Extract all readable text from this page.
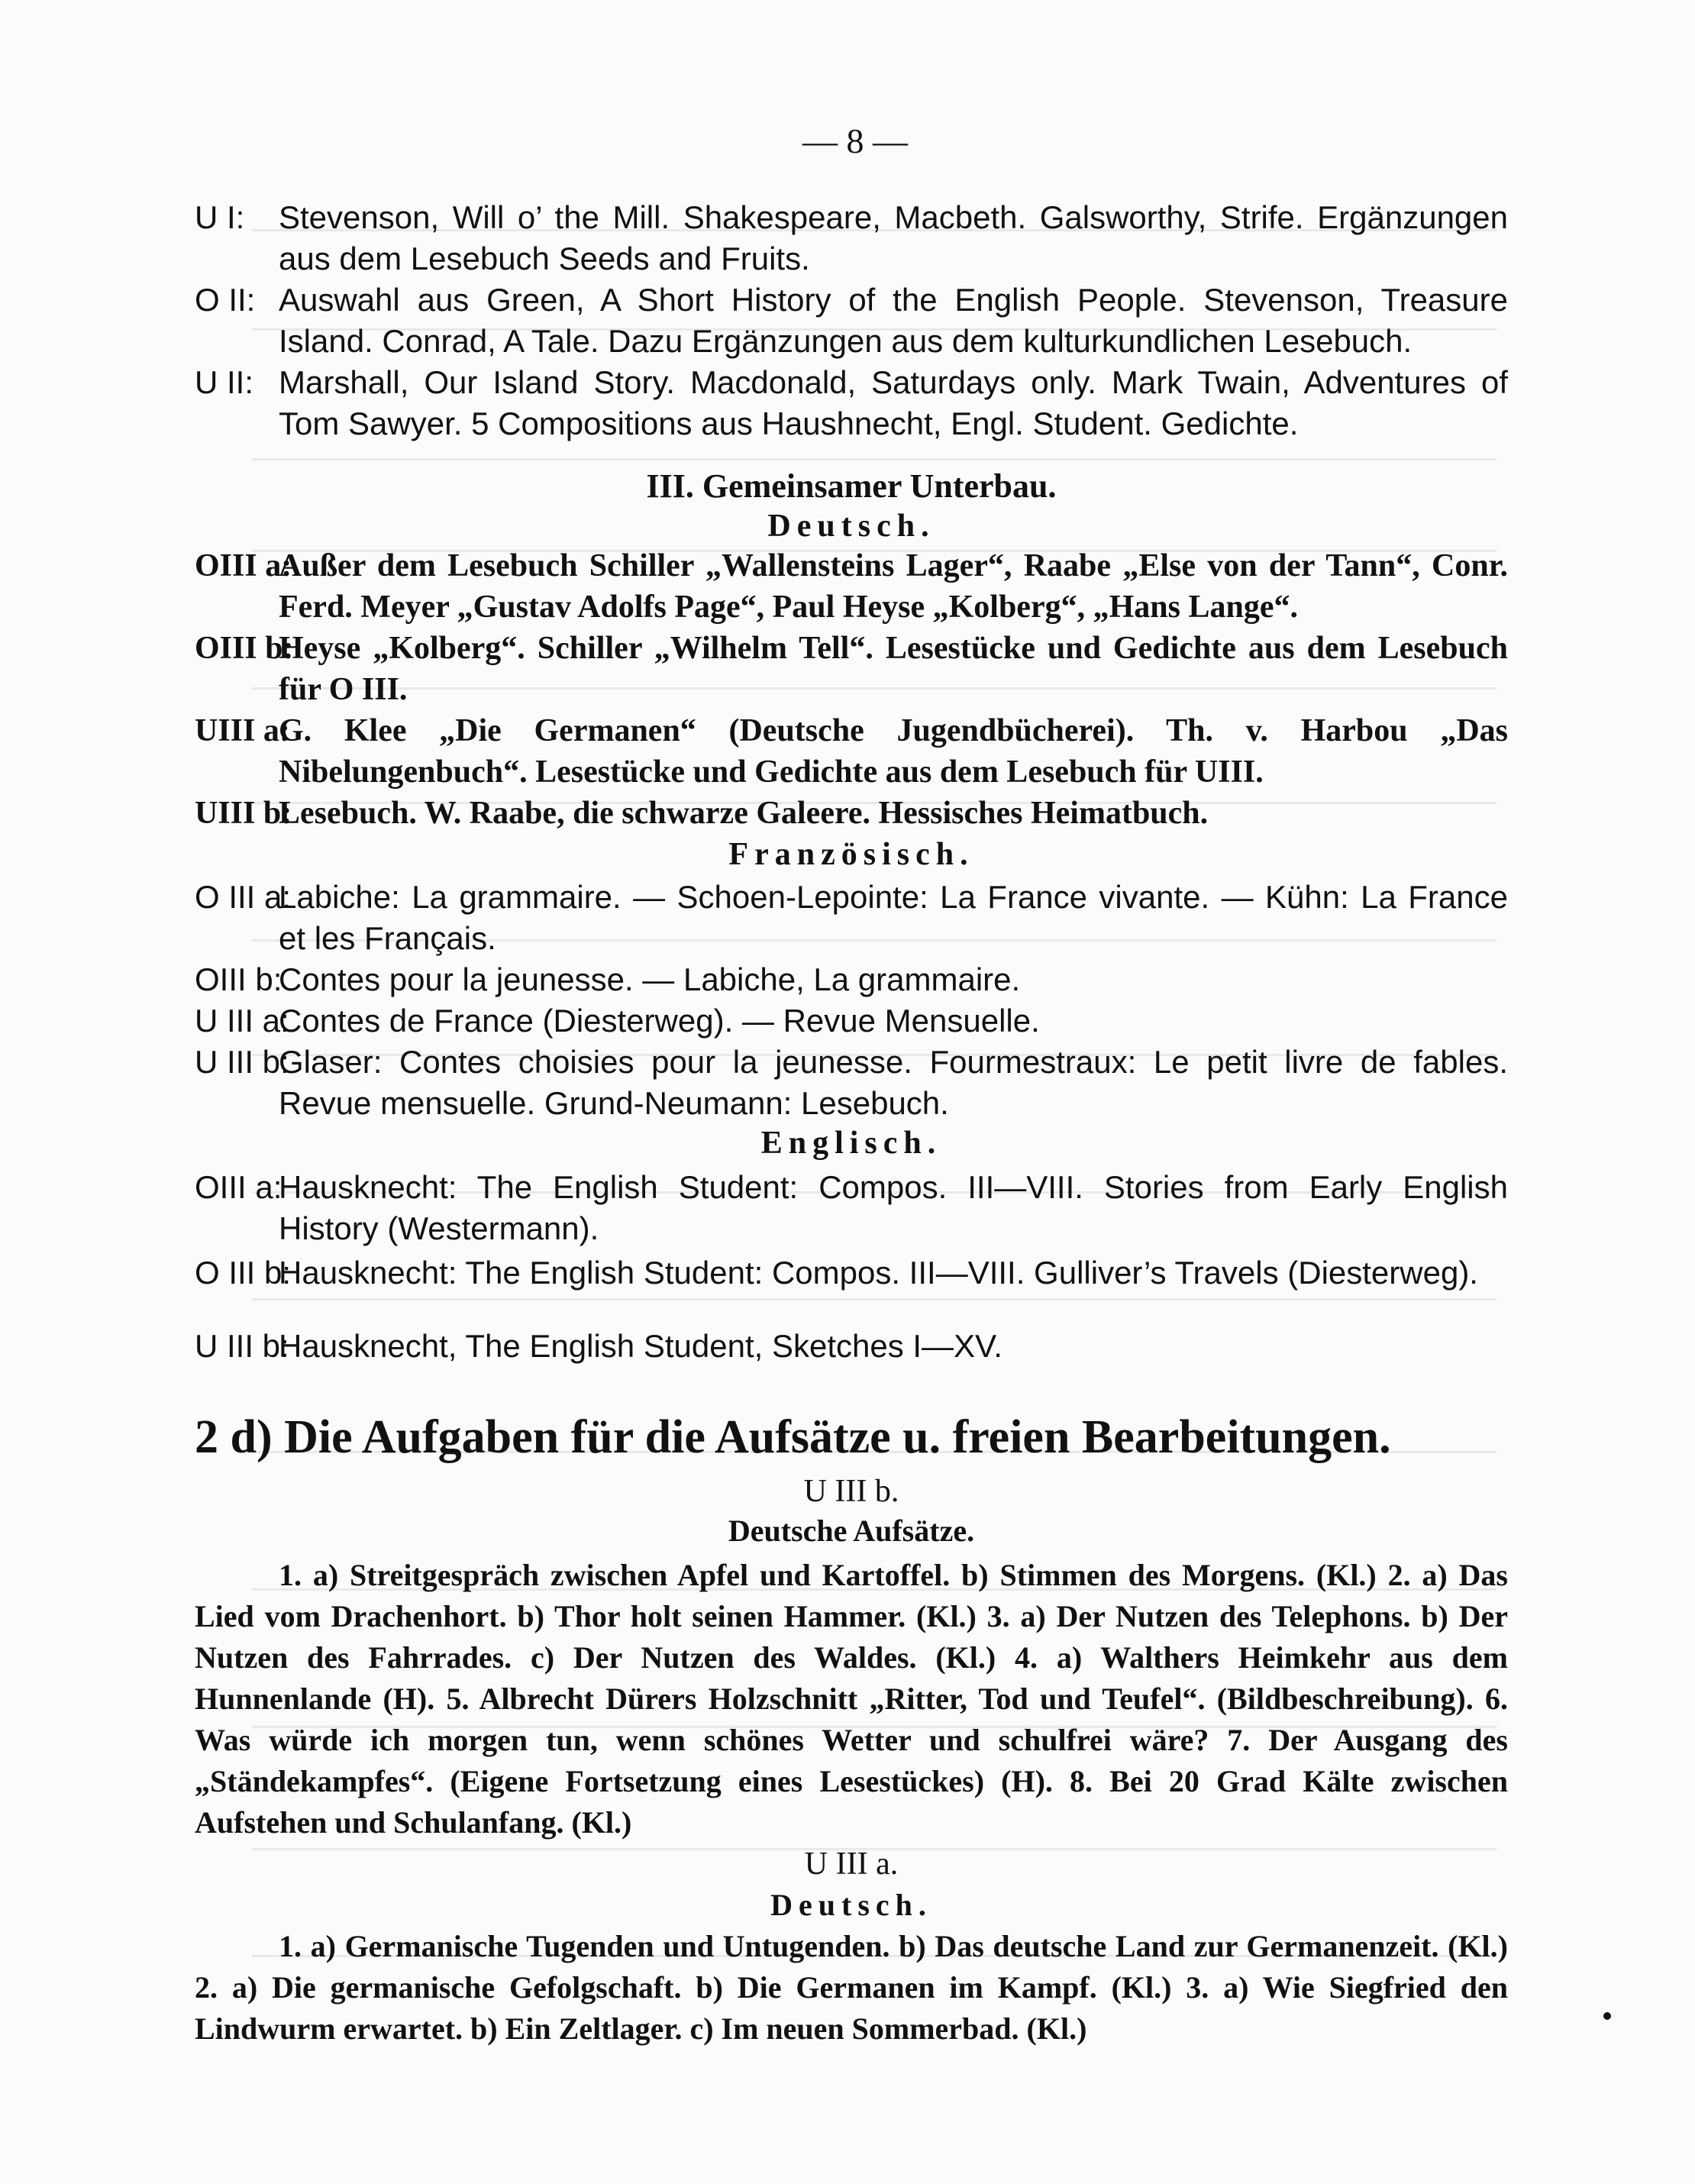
— 8 —
U I:	Stevenson, Will o’ the Mill. Shakespeare, Macbeth. Galsworthy, Strife. Ergänzungen aus dem Lesebuch Seeds and Fruits.
O II: Auswahl aus Green, A Short History of the English People. Stevenson, Treasure Island. Conrad, A Tale. Dazu Ergänzungen aus dem kulturkundlichen Lesebuch.
U II: Marshall, Our Island Story. Macdonald, Saturdays only. Mark Twain, Adventures of Tom Sawyer. 5 Compositions aus Haushnecht, Engl. Student. Gedichte.
III. Gemeinsamer Unterbau.
Deutsch.
OIII a:
Außer dem Lesebuch Schiller „Wallensteins Lager“, Raabe „Else von der Tann“, Conr. Ferd. Meyer „Gustav Adolfs Page“, Paul Heyse „Kolberg“, „Hans Lange“.
OIII b:
Heyse „Kolberg“. Schiller „Wilhelm Tell“. Lesestücke und Gedichte aus dem Lesebuch für O III.
UIII a:
G. Klee „Die Germanen“ (Deutsche Jugendbücherei). Th. v. Harbou „Das Nibelungenbuch“. Lesestücke und Gedichte aus dem Lesebuch für UIII.
UIII b:
Lesebuch. W. Raabe, die schwarze Galeere. Hessisches Heimatbuch.
Französisch.
O III a:
Labiche: La grammaire. — Schoen-Lepointe: La France vivante. — Kühn: La France et les Français.
OIII b:
Contes pour la jeunesse. — Labiche, La grammaire.
U III a:
Contes de France (Diesterweg). — Revue Mensuelle.
U III b:
Glaser: Contes choisies pour la jeunesse. Fourmestraux: Le petit livre de fables. Revue mensuelle. Grund-Neumann: Lesebuch.
Englisch.
OIII a:
Hausknecht: The English Student: Compos. III—VIII. Stories from Early English History (Westermann).
O III b:
Hausknecht: The English Student: Compos. III—VIII. Gulliver’s Travels (Diesterweg).
U III b:
Hausknecht, The English Student, Sketches I—XV.
2 d) Die Aufgaben für die Aufsätze u. freien Bearbeitungen.
U III b.
Deutsche Aufsätze.
1. a) Streitgespräch zwischen Apfel und Kartoffel. b) Stimmen des Morgens. (Kl.) 2. a) Das Lied vom Drachenhort. b) Thor holt seinen Hammer. (Kl.) 3. a) Der Nutzen des Telephons. b) Der Nutzen des Fahrrades. c) Der Nutzen des Waldes. (Kl.) 4. a) Walthers Heimkehr aus dem Hunnenlande (H). 5. Albrecht Dürers Holzschnitt „Ritter, Tod und Teufel“. (Bildbeschreibung). 6. Was würde ich morgen tun, wenn schönes Wetter und schulfrei wäre? 7. Der Ausgang des „Ständekampfes“. (Eigene Fortsetzung eines Lesestückes) (H). 8. Bei 20 Grad Kälte zwischen Aufstehen und Schulanfang. (Kl.)
U III a.
Deutsch.
1. a) Germanische Tugenden und Untugenden. b) Das deutsche Land zur Germanenzeit. (Kl.) 2. a) Die germanische Gefolgschaft. b) Die Germanen im Kampf. (Kl.) 3. a) Wie Siegfried den Lindwurm erwartet. b) Ein Zeltlager. c) Im neuen Sommerbad. (Kl.)
